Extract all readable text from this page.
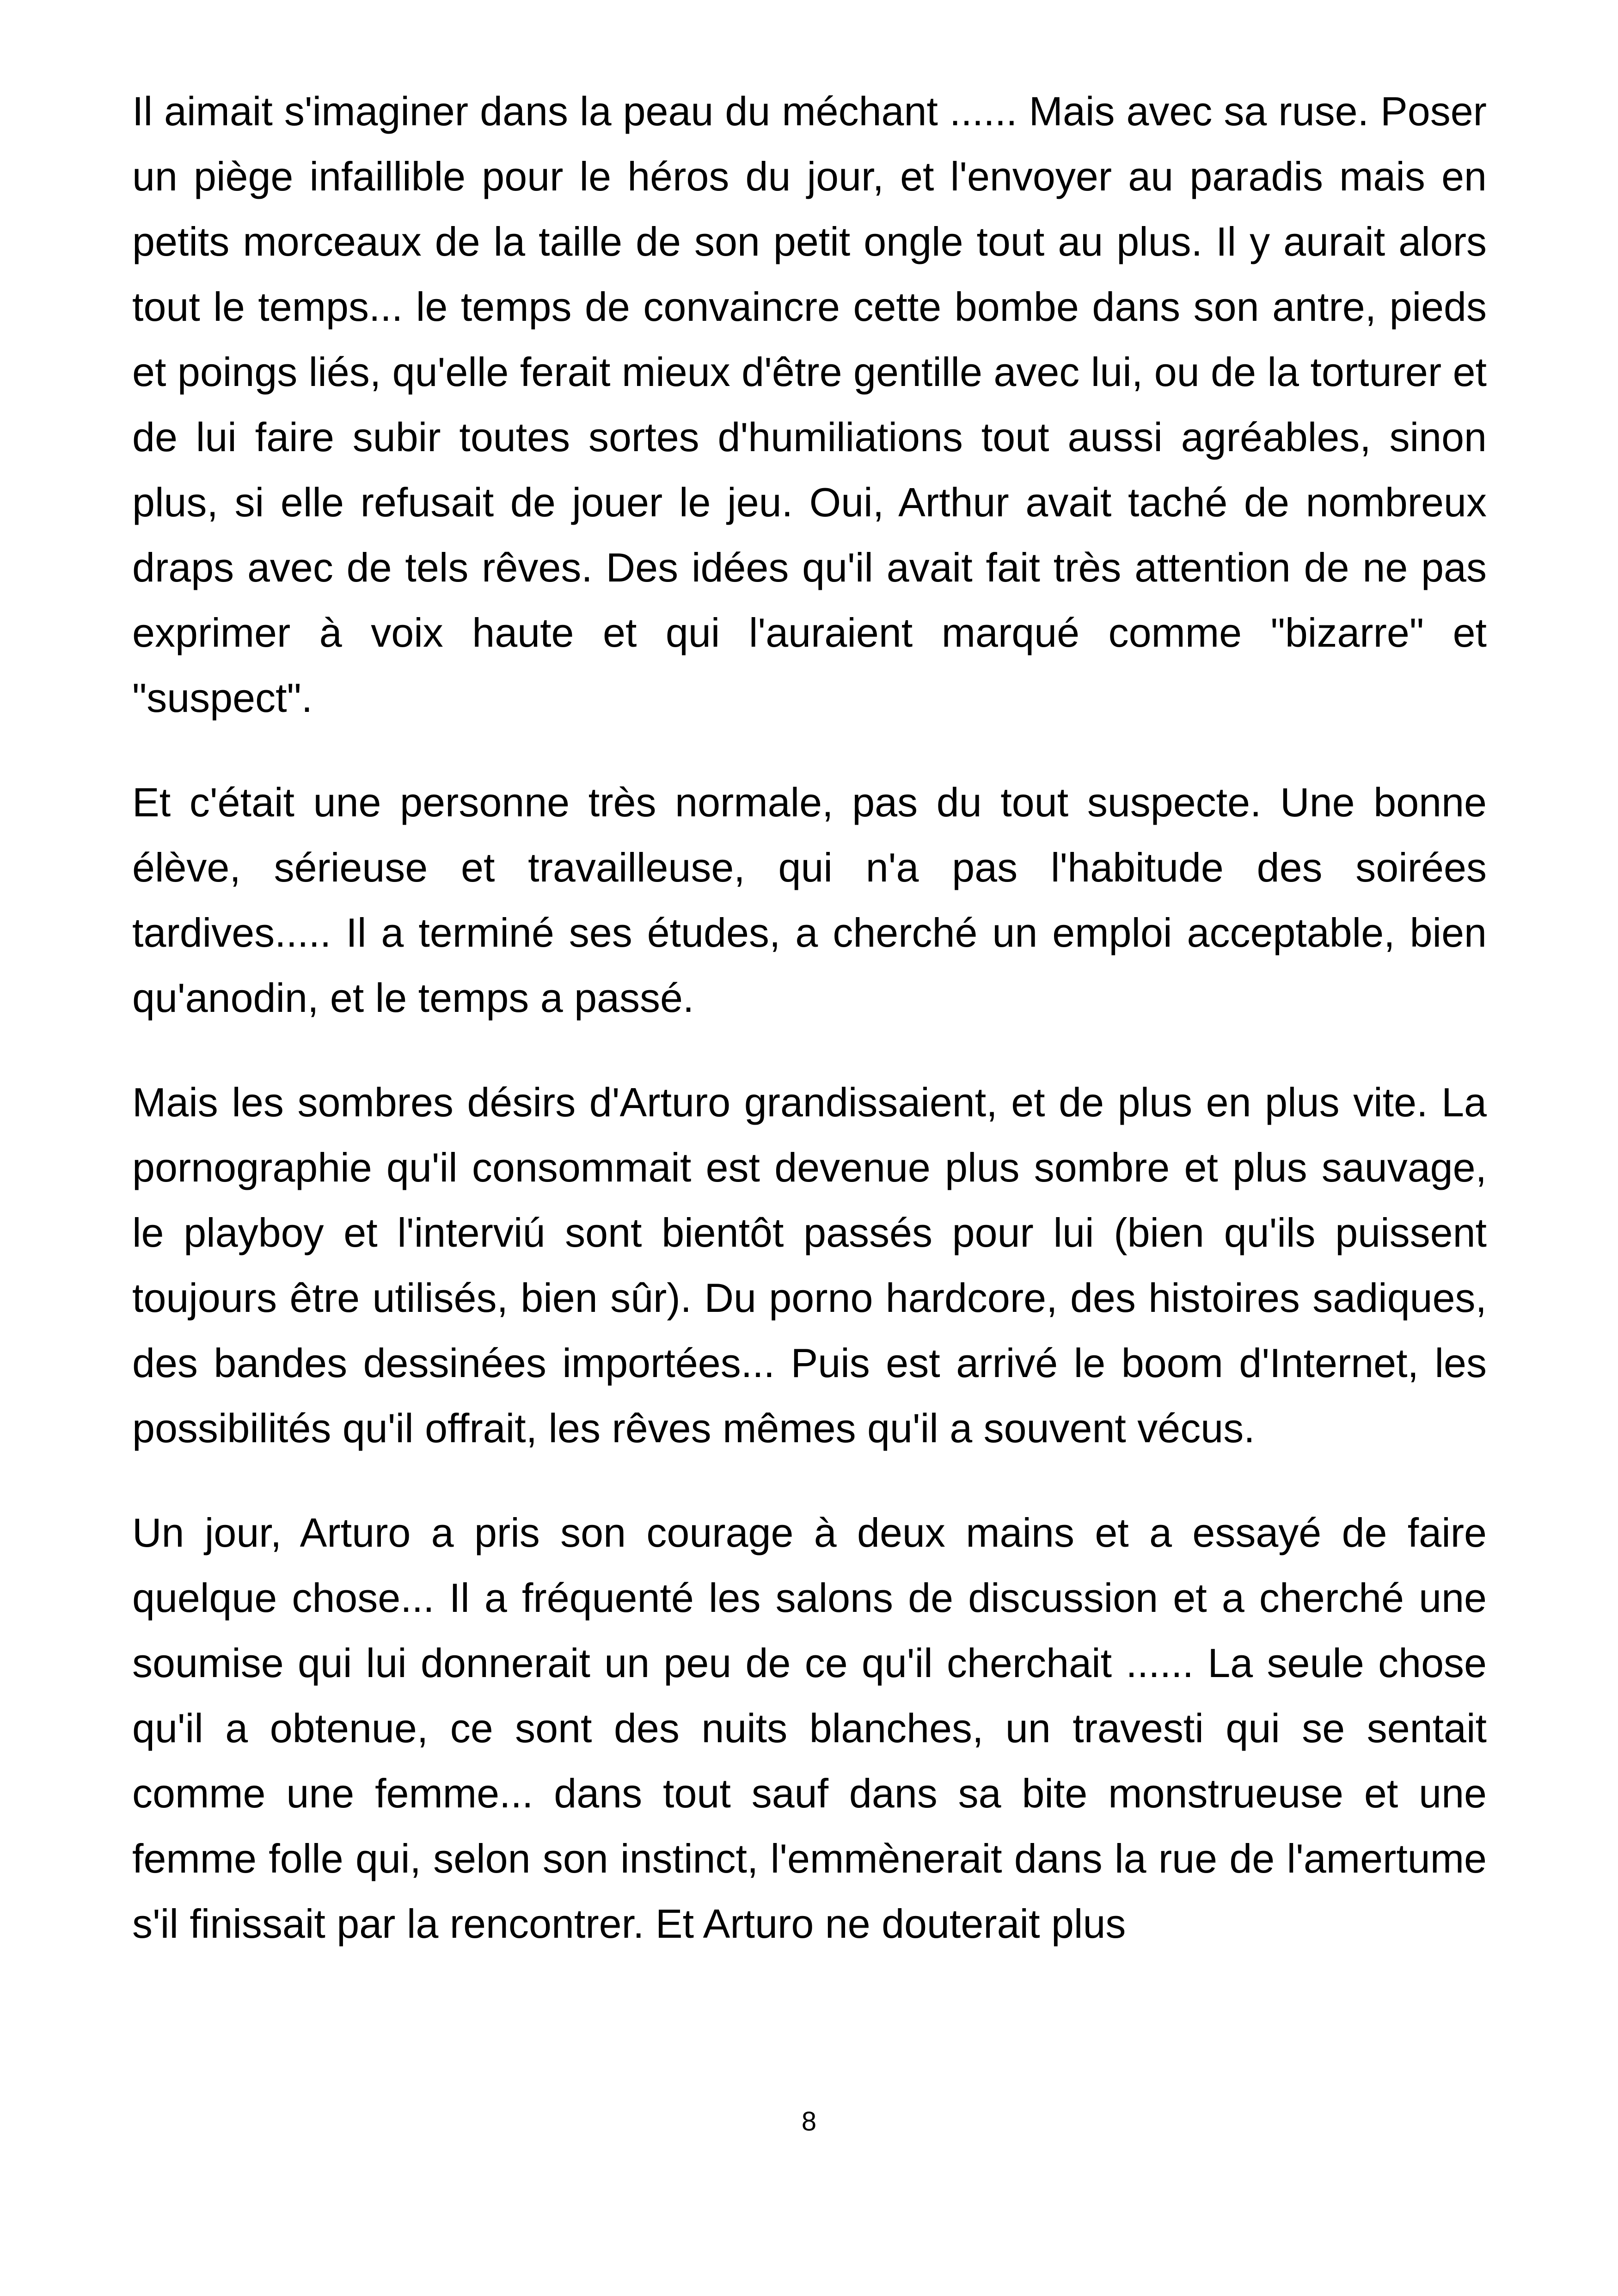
Il aimait s'imaginer dans la peau du méchant ...... Mais avec sa ruse. Poser un piège infaillible pour le héros du jour, et l'envoyer au paradis mais en petits morceaux de la taille de son petit ongle tout au plus. Il y aurait alors tout le temps... le temps de convaincre cette bombe dans son antre, pieds et poings liés, qu'elle ferait mieux d'être gentille avec lui, ou de la torturer et de lui faire subir toutes sortes d'humiliations tout aussi agréables, sinon plus, si elle refusait de jouer le jeu. Oui, Arthur avait taché de nombreux draps avec de tels rêves. Des idées qu'il avait fait très attention de ne pas exprimer à voix haute et qui l'auraient marqué comme "bizarre" et "suspect".

Et c'était une personne très normale, pas du tout suspecte. Une bonne élève, sérieuse et travailleuse, qui n'a pas l'habitude des soirées tardives..... Il a terminé ses études, a cherché un emploi acceptable, bien qu'anodin, et le temps a passé.

Mais les sombres désirs d'Arturo grandissaient, et de plus en plus vite. La pornographie qu'il consommait est devenue plus sombre et plus sauvage, le playboy et l'interviú sont bientôt passés pour lui (bien qu'ils puissent toujours être utilisés, bien sûr). Du porno hardcore, des histoires sadiques, des bandes dessinées importées... Puis est arrivé le boom d'Internet, les possibilités qu'il offrait, les rêves mêmes qu'il a souvent vécus.

Un jour, Arturo a pris son courage à deux mains et a essayé de faire quelque chose... Il a fréquenté les salons de discussion et a cherché une soumise qui lui donnerait un peu de ce qu'il cherchait ...... La seule chose qu'il a obtenue, ce sont des nuits blanches, un travesti qui se sentait comme une femme... dans tout sauf dans sa bite monstrueuse et une femme folle qui, selon son instinct, l'emmènerait dans la rue de l'amertume s'il finissait par la rencontrer. Et Arturo ne douterait plus

8
